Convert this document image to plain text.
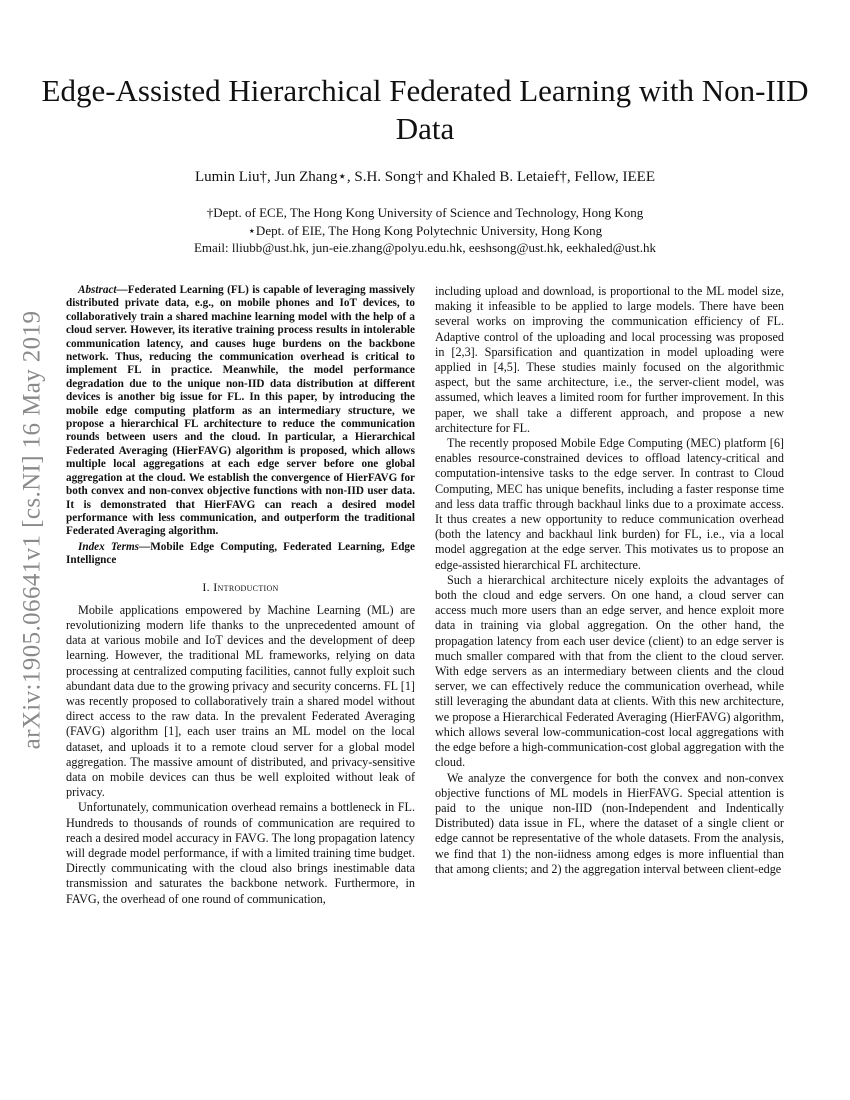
arXiv:1905.06641v1 [cs.NI] 16 May 2019
Edge-Assisted Hierarchical Federated Learning with Non-IID Data
Lumin Liu†, Jun Zhang⋆, S.H. Song† and Khaled B. Letaief†, Fellow, IEEE
†Dept. of ECE, The Hong Kong University of Science and Technology, Hong Kong
⋆Dept. of EIE, The Hong Kong Polytechnic University, Hong Kong
Email: lliubb@ust.hk, jun-eie.zhang@polyu.edu.hk, eeshsong@ust.hk, eekhaled@ust.hk

Abstract—Federated Learning (FL) is capable of leveraging massively distributed private data, e.g., on mobile phones and IoT devices, to collaboratively train a shared machine learning model with the help of a cloud server. However, its iterative training process results in intolerable communication latency, and causes huge burdens on the backbone network. Thus, reducing the communication overhead is critical to implement FL in practice. Meanwhile, the model performance degradation due to the unique non-IID data distribution at different devices is another big issue for FL. In this paper, by introducing the mobile edge computing platform as an intermediary structure, we propose a hierarchical FL architecture to reduce the communication rounds between users and the cloud. In particular, a Hierarchical Federated Averaging (HierFAVG) algorithm is proposed, which allows multiple local aggregations at each edge server before one global aggregation at the cloud. We establish the convergence of HierFAVG for both convex and non-convex objective functions with non-IID user data. It is demonstrated that HierFAVG can reach a desired model performance with less communication, and outperform the traditional Federated Averaging algorithm.

Index Terms—Mobile Edge Computing, Federated Learning, Edge Intellignce

I. Introduction

Mobile applications empowered by Machine Learning (ML) are revolutionizing modern life thanks to the unprecedented amount of data at various mobile and IoT devices and the development of deep learning. However, the traditional ML frameworks, relying on data processing at centralized computing facilities, cannot fully exploit such abundant data due to the growing privacy and security concerns. FL [1] was recently proposed to collaboratively train a shared model without direct access to the raw data. In the prevalent Federated Averaging (FAVG) algorithm [1], each user trains an ML model on the local dataset, and uploads it to a remote cloud server for a global model aggregation. The massive amount of distributed, and privacy-sensitive data on mobile devices can thus be well exploited without leak of privacy.

Unfortunately, communication overhead remains a bottleneck in FL. Hundreds to thousands of rounds of communication are required to reach a desired model accuracy in FAVG. The long propagation latency will degrade model performance, if with a limited training time budget. Directly communicating with the cloud also brings inestimable data transmission and saturates the backbone network. Furthermore, in FAVG, the overhead of one round of communication,

including upload and download, is proportional to the ML model size, making it infeasible to be applied to large models. There have been several works on improving the communication efficiency of FL. Adaptive control of the uploading and local processing was proposed in [2,3]. Sparsification and quantization in model uploading were applied in [4,5]. These studies mainly focused on the algorithmic aspect, but the same architecture, i.e., the server-client model, was assumed, which leaves a limited room for further improvement. In this paper, we shall take a different approach, and propose a new architecture for FL.

The recently proposed Mobile Edge Computing (MEC) platform [6] enables resource-constrained devices to offload latency-critical and computation-intensive tasks to the edge server. In contrast to Cloud Computing, MEC has unique benefits, including a faster response time and less data traffic through backhaul links due to a proximate access. It thus creates a new opportunity to reduce communication overhead (both the latency and backhaul link burden) for FL, i.e., via a local model aggregation at the edge server. This motivates us to propose an edge-assisted hierarchical FL architecture.

Such a hierarchical architecture nicely exploits the advantages of both the cloud and edge servers. On one hand, a cloud server can access much more users than an edge server, and hence exploit more data in training via global aggregation. On the other hand, the propagation latency from each user device (client) to an edge server is much smaller compared with that from the client to the cloud server. With edge servers as an intermediary between clients and the cloud server, we can effectively reduce the communication overhead, while still leveraging the abundant data at clients. With this new architecture, we propose a Hierarchical Federated Averaging (HierFAVG) algorithm, which allows several low-communication-cost local aggregations with the edge before a high-communication-cost global aggregation with the cloud.

We analyze the convergence for both the convex and non-convex objective functions of ML models in HierFAVG. Special attention is paid to the unique non-IID (non-Independent and Indentically Distributed) data issue in FL, where the dataset of a single client or edge cannot be representative of the whole datasets. From the analysis, we find that 1) the non-iidness among edges is more influential than that among clients; and 2) the aggregation interval between client-edge
